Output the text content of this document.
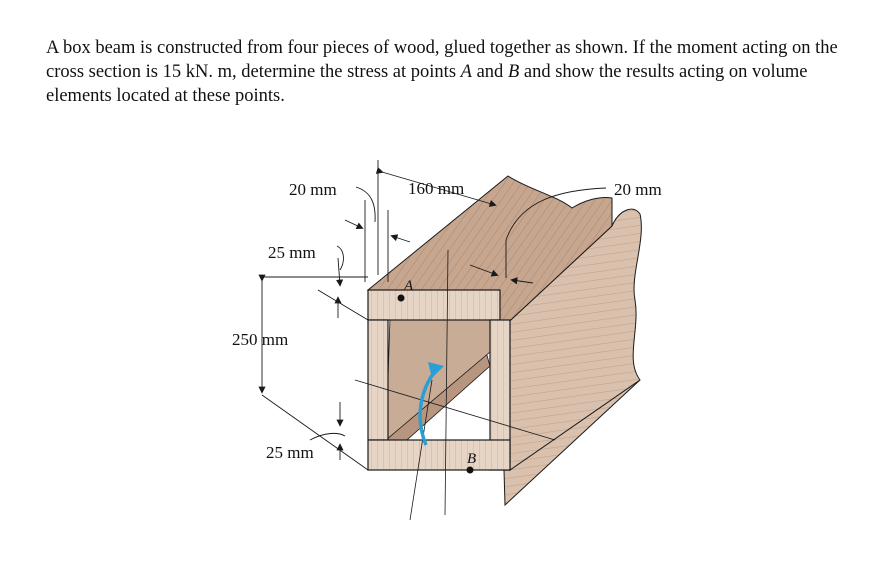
A box beam is constructed from four pieces of wood, glued together as shown. If the moment acting on the cross section is 15 kN. m, determine the stress at points A and B and show the results acting on volume elements located at these points.

A
B
20 mm	160 mm	20 mm
25 mm
250 mm
25 mm
